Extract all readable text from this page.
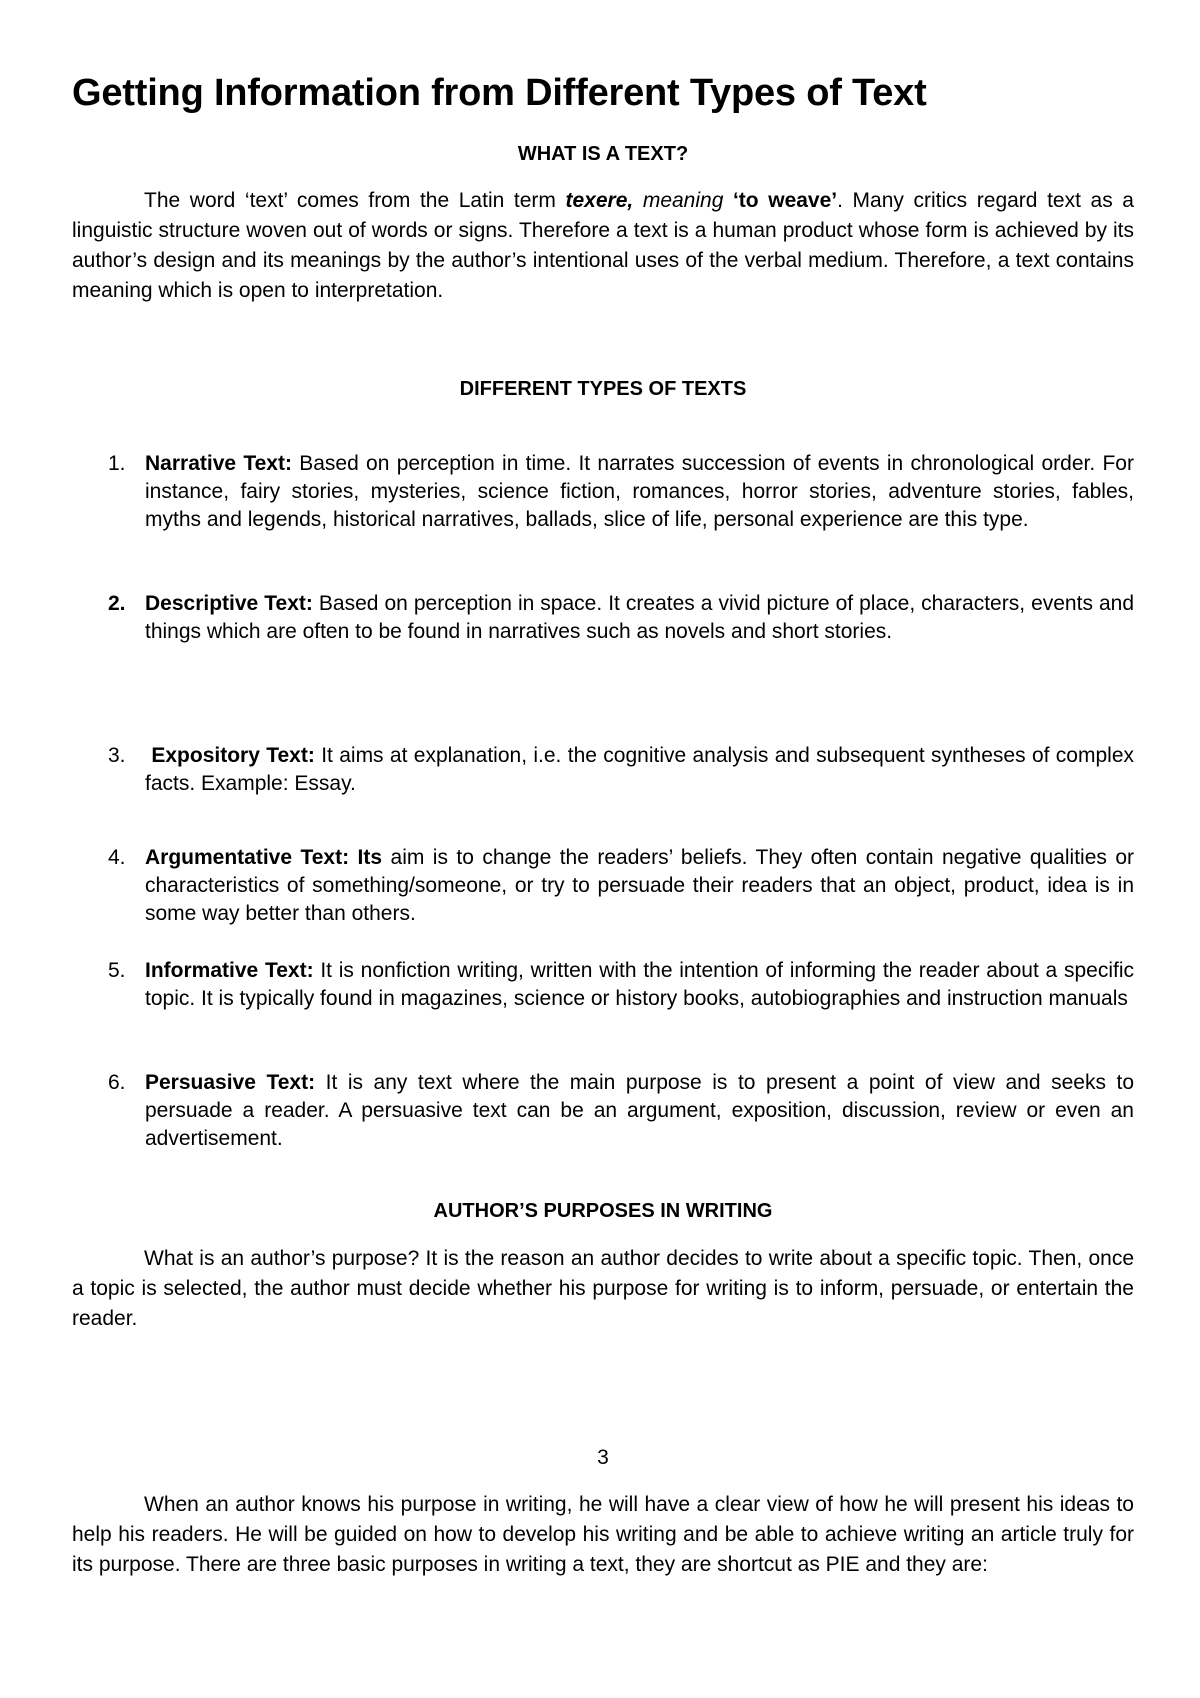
Getting Information from Different Types of Text
WHAT IS A TEXT?
The word ‘text’ comes from the Latin term texere, meaning ‘to weave’. Many critics regard text as a linguistic structure woven out of words or signs. Therefore a text is a human product whose form is achieved by its author’s design and its meanings by the author’s intentional uses of the verbal medium. Therefore, a text contains meaning which is open to interpretation.
DIFFERENT TYPES OF TEXTS
1. Narrative Text: Based on perception in time. It narrates succession of events in chronological order. For instance, fairy stories, mysteries, science fiction, romances, horror stories, adventure stories, fables, myths and legends, historical narratives, ballads, slice of life, personal experience are this type.
2. Descriptive Text: Based on perception in space. It creates a vivid picture of place, characters, events and things which are often to be found in narratives such as novels and short stories.
3. Expository Text: It aims at explanation, i.e. the cognitive analysis and subsequent syntheses of complex facts. Example: Essay.
4. Argumentative Text: Its aim is to change the readers’ beliefs. They often contain negative qualities or characteristics of something/someone, or try to persuade their readers that an object, product, idea is in some way better than others.
5. Informative Text: It is nonfiction writing, written with the intention of informing the reader about a specific topic. It is typically found in magazines, science or history books, autobiographies and instruction manuals
6. Persuasive Text: It is any text where the main purpose is to present a point of view and seeks to persuade a reader. A persuasive text can be an argument, exposition, discussion, review or even an advertisement.
AUTHOR’S PURPOSES IN WRITING
What is an author’s purpose? It is the reason an author decides to write about a specific topic. Then, once a topic is selected, the author must decide whether his purpose for writing is to inform, persuade, or entertain the reader.
3
When an author knows his purpose in writing, he will have a clear view of how he will present his ideas to help his readers. He will be guided on how to develop his writing and be able to achieve writing an article truly for its purpose. There are three basic purposes in writing a text, they are shortcut as PIE and they are:
